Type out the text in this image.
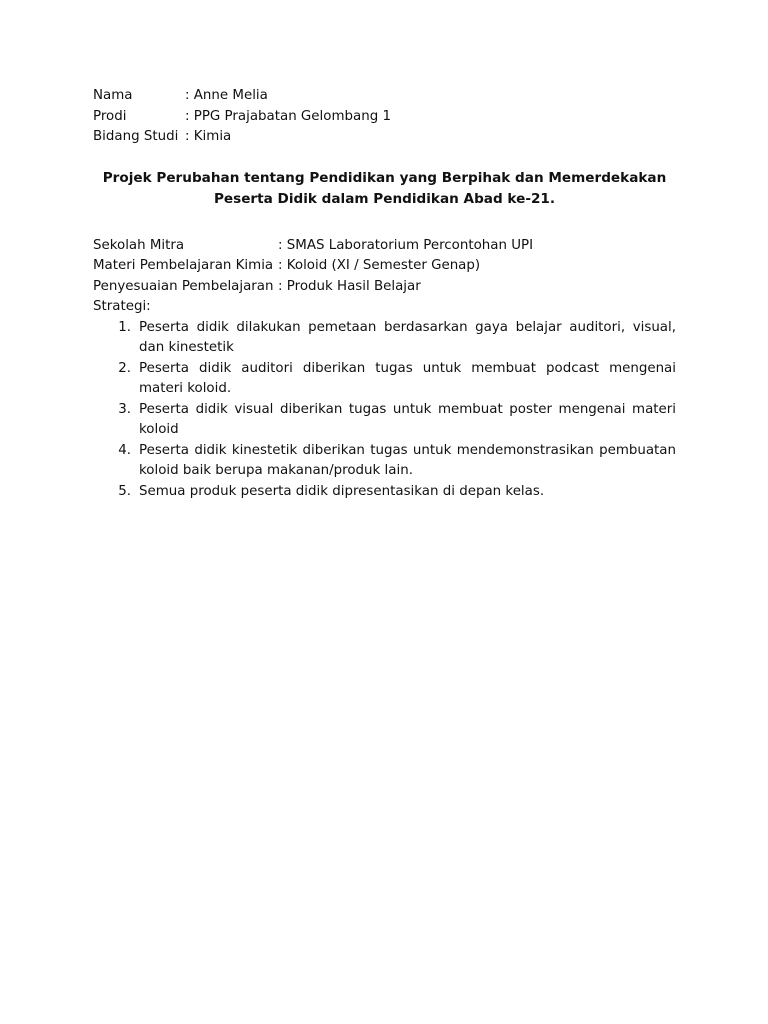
Nama	: Anne Melia
Prodi	: PPG Prajabatan Gelombang 1
Bidang Studi : Kimia
Projek Perubahan tentang Pendidikan yang Berpihak dan Memerdekakan Peserta Didik dalam Pendidikan Abad ke-21.
Sekolah Mitra	: SMAS Laboratorium Percontohan UPI
Materi Pembelajaran Kimia : Koloid (XI / Semester Genap)
Penyesuaian Pembelajaran : Produk Hasil Belajar
Strategi:
1. Peserta didik dilakukan pemetaan berdasarkan gaya belajar auditori, visual, dan kinestetik
2. Peserta didik auditori diberikan tugas untuk membuat podcast mengenai materi koloid.
3. Peserta didik visual diberikan tugas untuk membuat poster mengenai materi koloid
4. Peserta didik kinestetik diberikan tugas untuk mendemonstrasikan pembuatan koloid baik berupa makanan/produk lain.
5. Semua produk peserta didik dipresentasikan di depan kelas.
